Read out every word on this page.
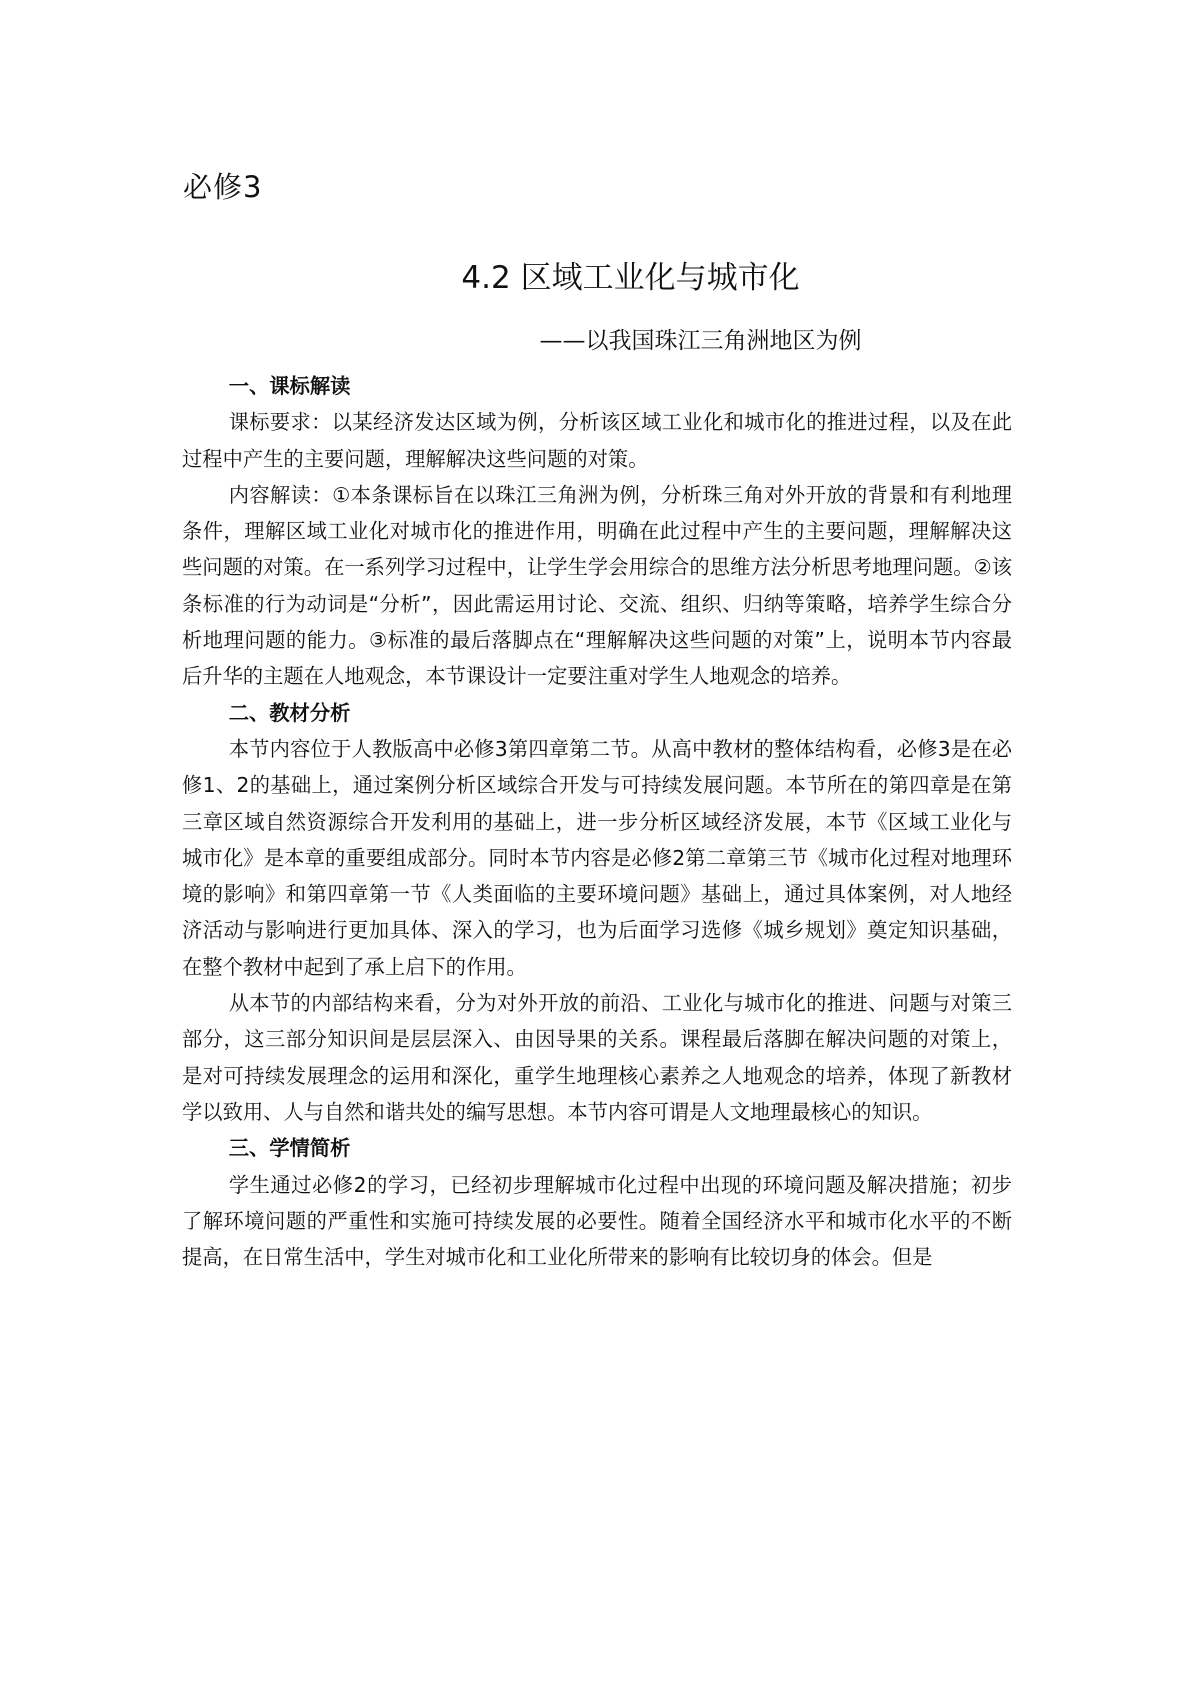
必修3
4.2 区域工业化与城市化
——以我国珠江三角洲地区为例
一、课标解读

课标要求：以某经济发达区域为例，分析该区域工业化和城市化的推进过程，以及在此过程中产生的主要问题，理解解决这些问题的对策。

内容解读：①本条课标旨在以珠江三角洲为例，分析珠三角对外开放的背景和有利地理条件，理解区域工业化对城市化的推进作用，明确在此过程中产生的主要问题，理解解决这些问题的对策。在一系列学习过程中，让学生学会用综合的思维方法分析思考地理问题。②该条标准的行为动词是“分析”，因此需运用讨论、交流、组织、归纳等策略，培养学生综合分析地理问题的能力。③标准的最后落脚点在“理解解决这些问题的对策”上，说明本节内容最后升华的主题在人地观念，本节课设计一定要注重对学生人地观念的培养。

二、教材分析

本节内容位于人教版高中必修3第四章第二节。从高中教材的整体结构看，必修3是在必修1、2的基础上，通过案例分析区域综合开发与可持续发展问题。本节所在的第四章是在第三章区域自然资源综合开发利用的基础上，进一步分析区域经济发展，本节《区域工业化与城市化》是本章的重要组成部分。同时本节内容是必修2第二章第三节《城市化过程对地理环境的影响》和第四章第一节《人类面临的主要环境问题》基础上，通过具体案例，对人地经济活动与影响进行更加具体、深入的学习，也为后面学习选修《城乡规划》奠定知识基础，在整个教材中起到了承上启下的作用。

从本节的内部结构来看，分为对外开放的前沿、工业化与城市化的推进、问题与对策三部分，这三部分知识间是层层深入、由因导果的关系。课程最后落脚在解决问题的对策上，是对可持续发展理念的运用和深化，重学生地理核心素养之人地观念的培养，体现了新教材学以致用、人与自然和谐共处的编写思想。本节内容可谓是人文地理最核心的知识。

三、学情简析

学生通过必修2的学习，已经初步理解城市化过程中出现的环境问题及解决措施；初步了解环境问题的严重性和实施可持续发展的必要性。随着全国经济水平和城市化水平的不断提高，在日常生活中，学生对城市化和工业化所带来的影响有比较切身的体会。但是
